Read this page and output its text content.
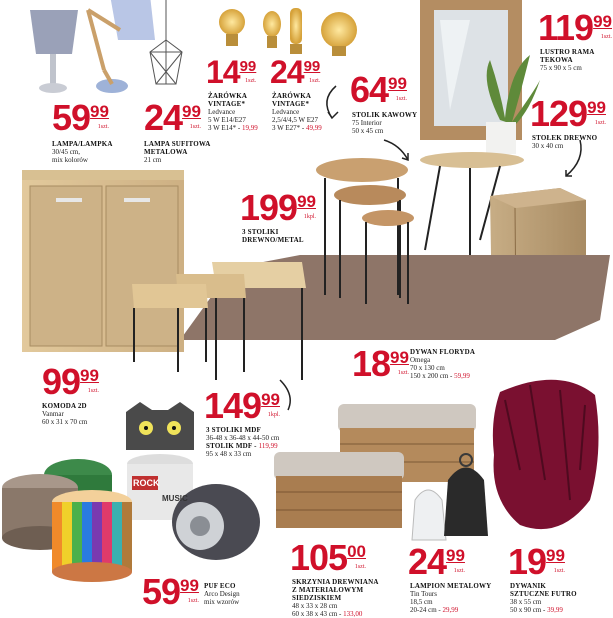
ROCK
MUSIC
5999
1szt.
LAMPA/LAMPKA
30/45 cm,
mix kolorów
2499
1szt.
LAMPA SUFITOWA
METALOWA
21 cm
1499
1szt.
ŻARÓWKA
VINTAGE*
Ledvance
5 W E14/E27
3 W E14* - 19,99
2499
1szt.
ŻARÓWKA
VINTAGE*
Ledvance
2,5/4/4,5 W E27
3 W E27* - 49,99
6499
1szt.
STOLIK KAWOWY
75 Interior
50 x 45 cm
11999
1szt.
LUSTRO RAMA
TEKOWA
75 x 90 x 5 cm
12999
1szt.
STOŁEK DREWNO
30 x 40 cm
19999
1kpl.
3 STOLIKI
DREWNO/METAL
1899
1szt.
DYWAN FLORYDA
Omega
70 x 130 cm
150 x 200 cm - 59,99
9999
1szt.
KOMODA 2D
Vanmar
60 x 31 x 70 cm	14999
1kpl.
3 STOLIKI MDF
36-48 x 36-48 x 44-50 cm
STOLIK MDF - 119,99
95 x 48 x 33 cm
5999
1szt.
PUF ECO
Arco Design
mix wzorów
10500
1szt.
SKRZYNIA DREWNIANA
Z MATERIAŁOWYM
SIEDZISKIEM
48 x 33 x 28 cm
60 x 38 x 43 cm - 133,00
2499
1szt.
LAMPION METALOWY
Tin Tours
18,5 cm
20-24 cm - 29,99
1999
1szt.
DYWANIK
SZTUCZNE FUTRO
38 x 55 cm
50 x 90 cm - 39,99
